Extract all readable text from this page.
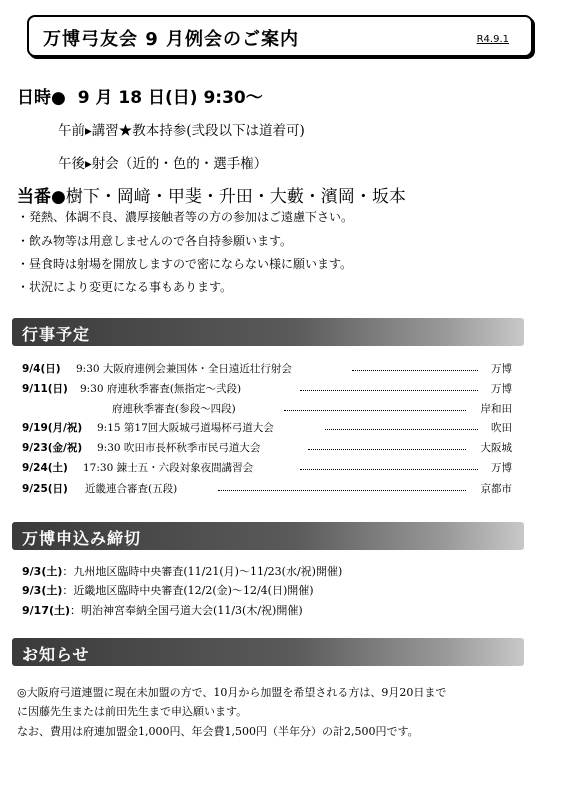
万博弓友会 9 月例会のご案内	R4.9.1
日時● 9 月 18 日(日) 9:30〜
午前▸講習★教本持参(弐段以下は道着可)
午後▸射会（近的・色的・選手権）
当番●樹下・岡﨑・甲斐・升田・大藪・濱岡・坂本
・発熱、体調不良、濃厚接触者等の方の参加はご遠慮下さい。
・飲み物等は用意しませんので各自持参願います。
・昼食時は射場を開放しますので密にならない様に願います。
・状況により変更になる事もあります。
行事予定
9/4(日) 9:30 大阪府連例会兼国体・全日遠近壮行射会	万博
9/11(日) 9:30 府連秋季審査(無指定〜弐段)	万博
府連秋季審査(参段〜四段)	岸和田
9/19(月/祝) 9:15 第17回大阪城弓道場杯弓道大会	吹田
9/23(金/祝) 9:30 吹田市長杯秋季市民弓道大会	大阪城
9/24(土) 17:30 錬士五・六段対象夜間講習会	万博
9/25(日) 近畿連合審査(五段)	京都市
万博申込み締切
9/3(土)：九州地区臨時中央審査(11/21(月)〜11/23(水/祝)開催)
9/3(土)：近畿地区臨時中央審査(12/2(金)〜12/4(日)開催)
9/17(土)：明治神宮奉納全国弓道大会(11/3(木/祝)開催)
お知らせ
◎大阪府弓道連盟に現在未加盟の方で、10月から加盟を希望される方は、9月20日まで
に因藤先生または前田先生まで申込願います。
なお、費用は府連加盟金1,000円、年会費1,500円（半年分）の計2,500円です。
